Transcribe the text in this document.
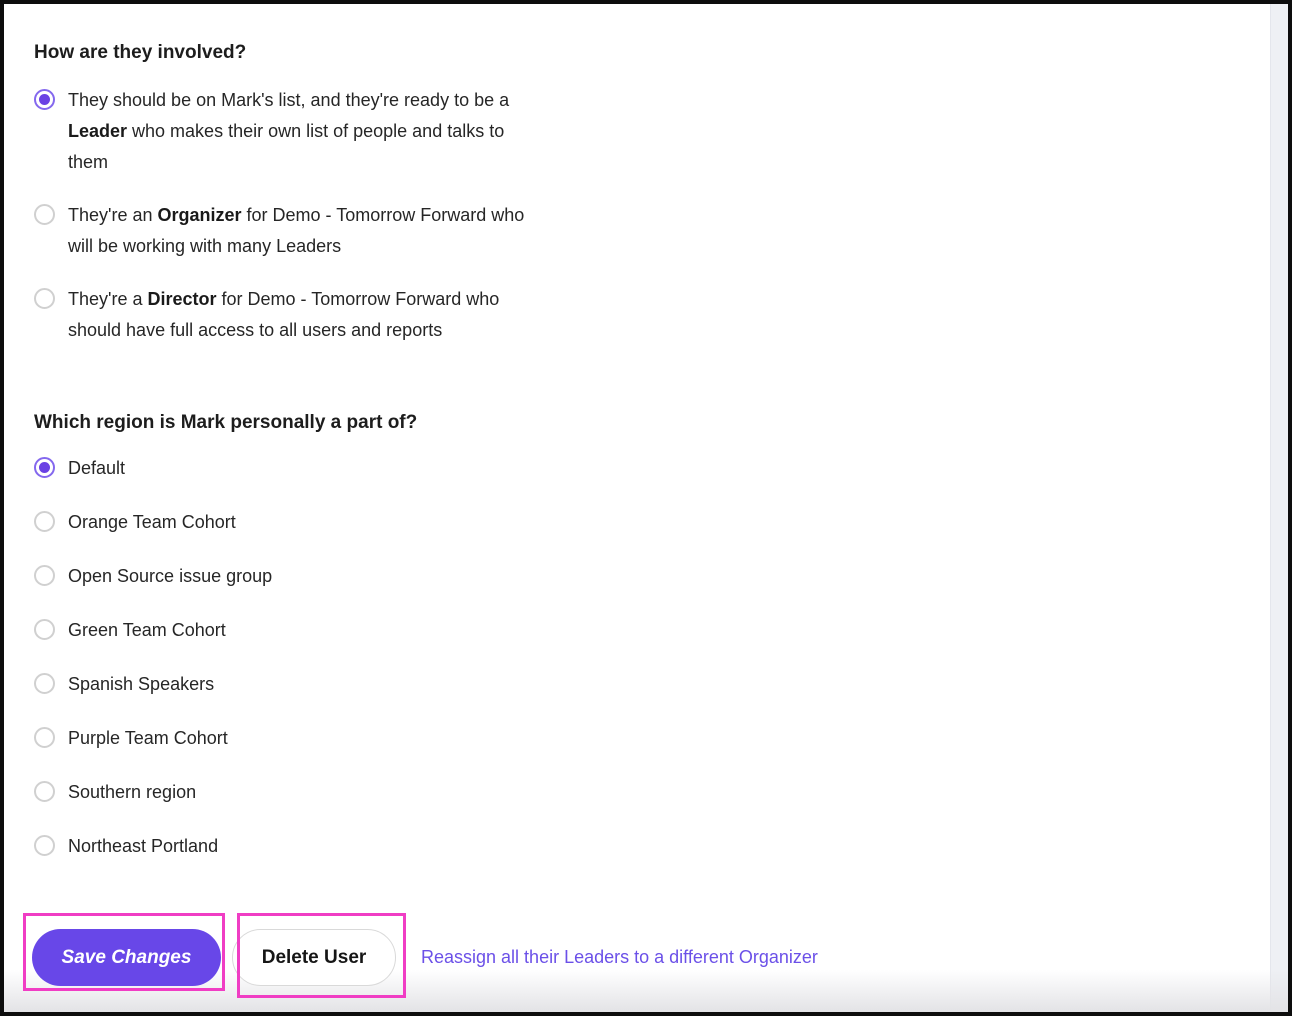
How are they involved?
They should be on Mark's list, and they're ready to be a
Leader who makes their own list of people and talks to
them
They're an Organizer for Demo - Tomorrow Forward who
will be working with many Leaders
They're a Director for Demo - Tomorrow Forward who
should have full access to all users and reports
Which region is Mark personally a part of?
Default
Orange Team Cohort
Open Source issue group
Green Team Cohort
Spanish Speakers
Purple Team Cohort
Southern region
Northeast Portland
Save Changes	Delete User	Reassign all their Leaders to a different Organizer
